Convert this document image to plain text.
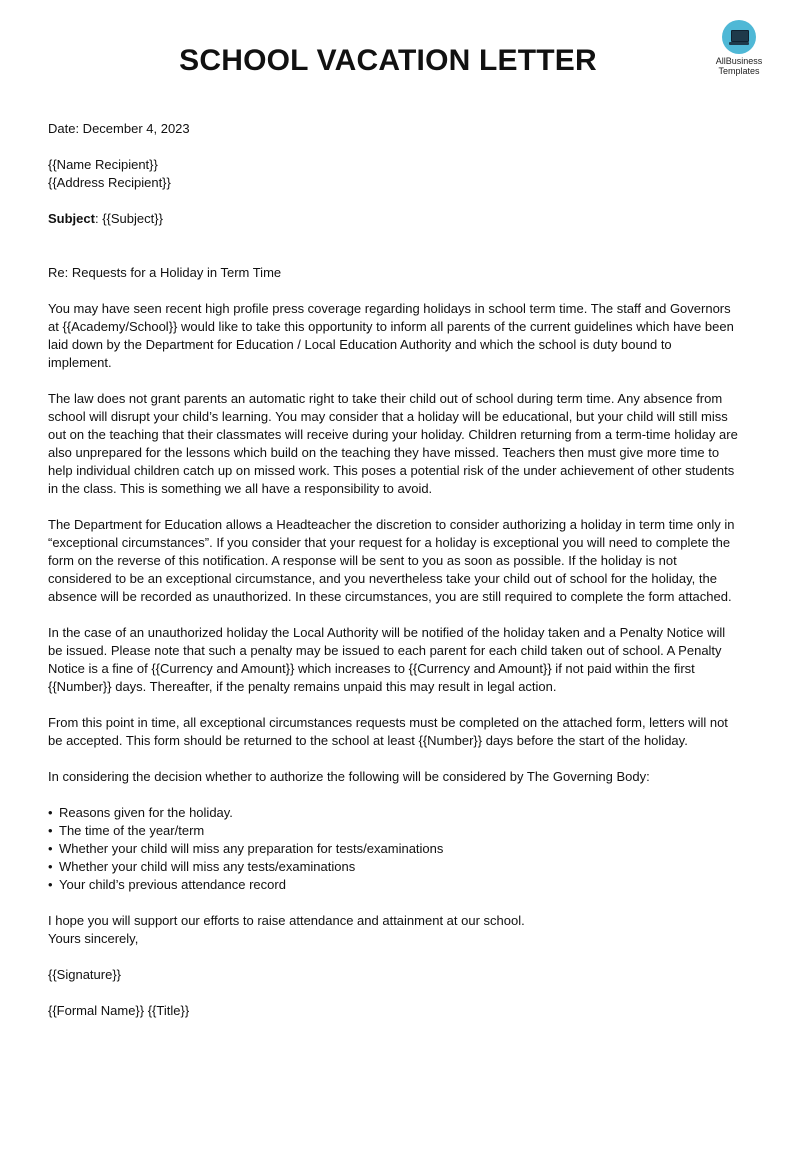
SCHOOL VACATION LETTER	AllBusiness
Templates

Date: December 4, 2023

{{Name Recipient}}

{{Address Recipient}}

Subject: {{Subject}}

Re: Requests for a Holiday in Term Time

You may have seen recent high profile press coverage regarding holidays in school term time. The staff and Governors at {{Academy/School}} would like to take this opportunity to inform all parents of the current guidelines which have been laid down by the Department for Education / Local Education Authority and which the school is duty bound to implement.

The law does not grant parents an automatic right to take their child out of school during term time. Any absence from school will disrupt your child’s learning. You may consider that a holiday will be educational, but your child will still miss out on the teaching that their classmates will receive during your holiday. Children returning from a term-time holiday are also unprepared for the lessons which build on the teaching they have missed. Teachers then must give more time to help individual children catch up on missed work. This poses a potential risk of the under achievement of other students in the class. This is something we all have a responsibility to avoid.

The Department for Education allows a Headteacher the discretion to consider authorizing a holiday in term time only in “exceptional circumstances”. If you consider that your request for a holiday is exceptional you will need to complete the form on the reverse of this notification. A response will be sent to you as soon as possible. If the holiday is not considered to be an exceptional circumstance, and you nevertheless take your child out of school for the holiday, the absence will be recorded as unauthorized. In these circumstances, you are still required to complete the form attached.

In the case of an unauthorized holiday the Local Authority will be notified of the holiday taken and a Penalty Notice will be issued. Please note that such a penalty may be issued to each parent for each child taken out of school. A Penalty Notice is a fine of {{Currency and Amount}} which increases to {{Currency and Amount}} if not paid within the first {{Number}} days. Thereafter, if the penalty remains unpaid this may result in legal action.

From this point in time, all exceptional circumstances requests must be completed on the attached form, letters will not be accepted. This form should be returned to the school at least {{Number}} days before the start of the holiday.

In considering the decision whether to authorize the following will be considered by The Governing Body:

• Reasons given for the holiday.
• The time of the year/term
• Whether your child will miss any preparation for tests/examinations
• Whether your child will miss any tests/examinations
• Your child’s previous attendance record
I hope you will support our efforts to raise attendance and attainment at our school.

Yours sincerely,

{{Signature}}

{{Formal Name}} {{Title}}
